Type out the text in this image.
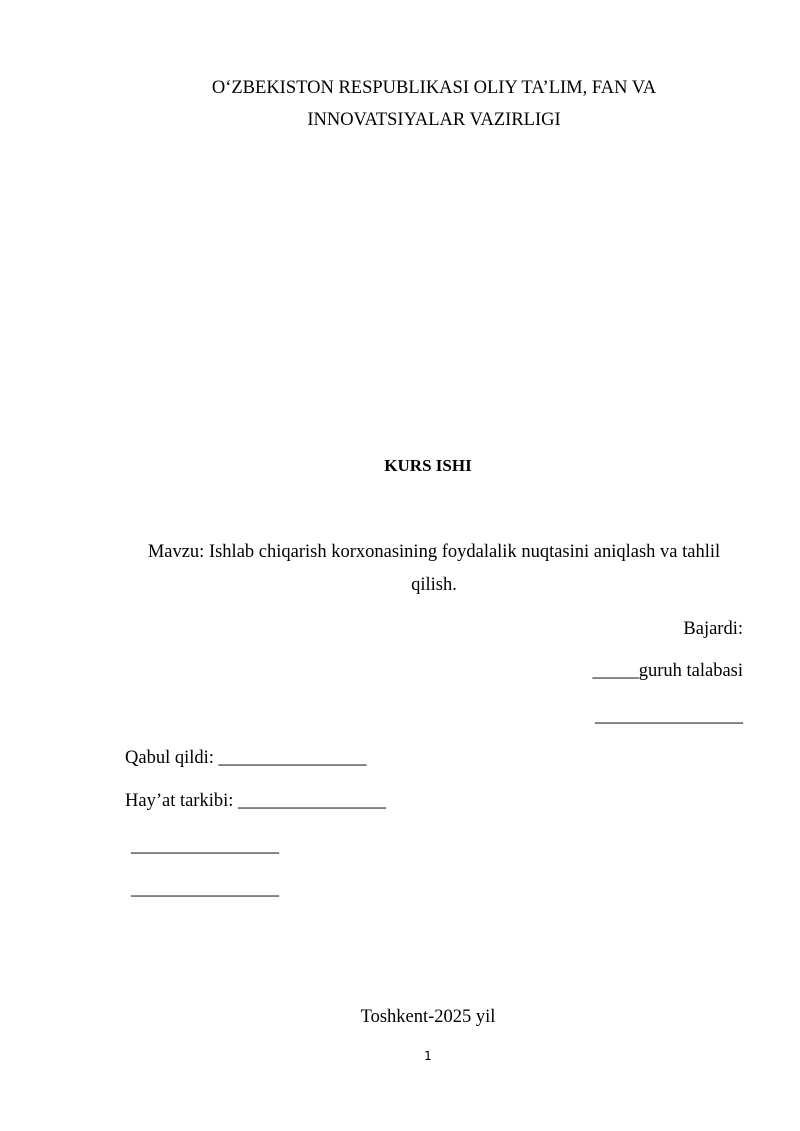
O‘ZBEKISTON RESPUBLIKASI OLIY TA’LIM, FAN VA
INNOVATSIYALAR VAZIRLIGI
KURS ISHI
Mavzu: Ishlab chiqarish korxonasining foydalalik nuqtasini aniqlash va tahlil
qilish.
Bajardi:
_____guruh talabasi
________________
Qabul qildi: ________________
Hay’at tarkibi: ________________
________________
________________
Toshkent-2025 yil
1
